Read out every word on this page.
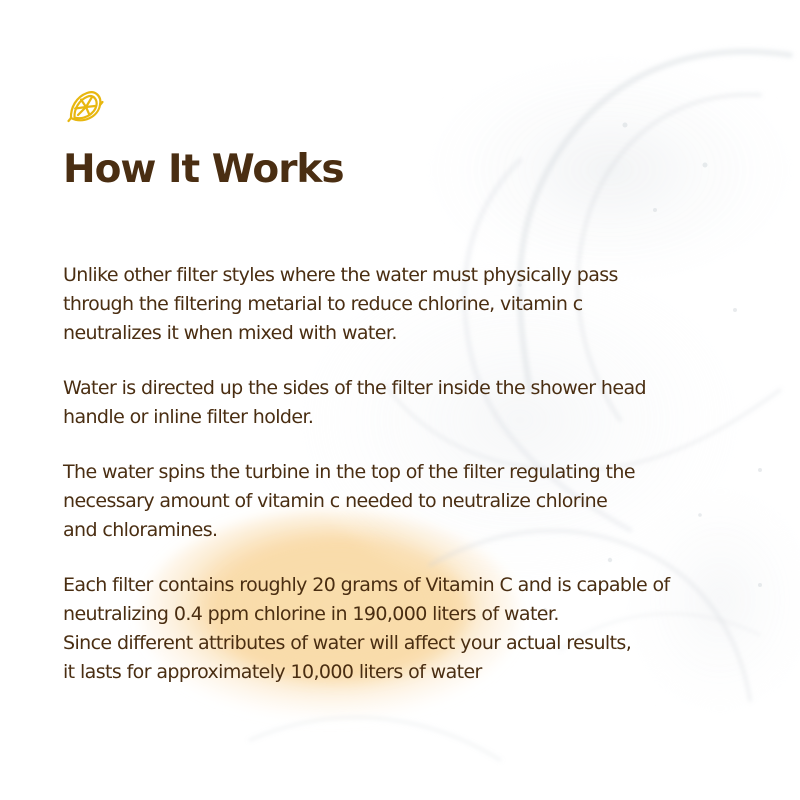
How It Works

Unlike other filter styles where the water must physically pass
through the filtering metarial to reduce chlorine, vitamin c
neutralizes it when mixed with water.

Water is directed up the sides of the filter inside the shower head
handle or inline filter holder.

The water spins the turbine in the top of the filter regulating the
necessary amount of vitamin c needed to neutralize chlorine
and chloramines.

Each filter contains roughly 20 grams of Vitamin C and is capable of
neutralizing 0.4 ppm chlorine in 190,000 liters of water.
Since different attributes of water will affect your actual results,
it lasts for approximately 10,000 liters of water
